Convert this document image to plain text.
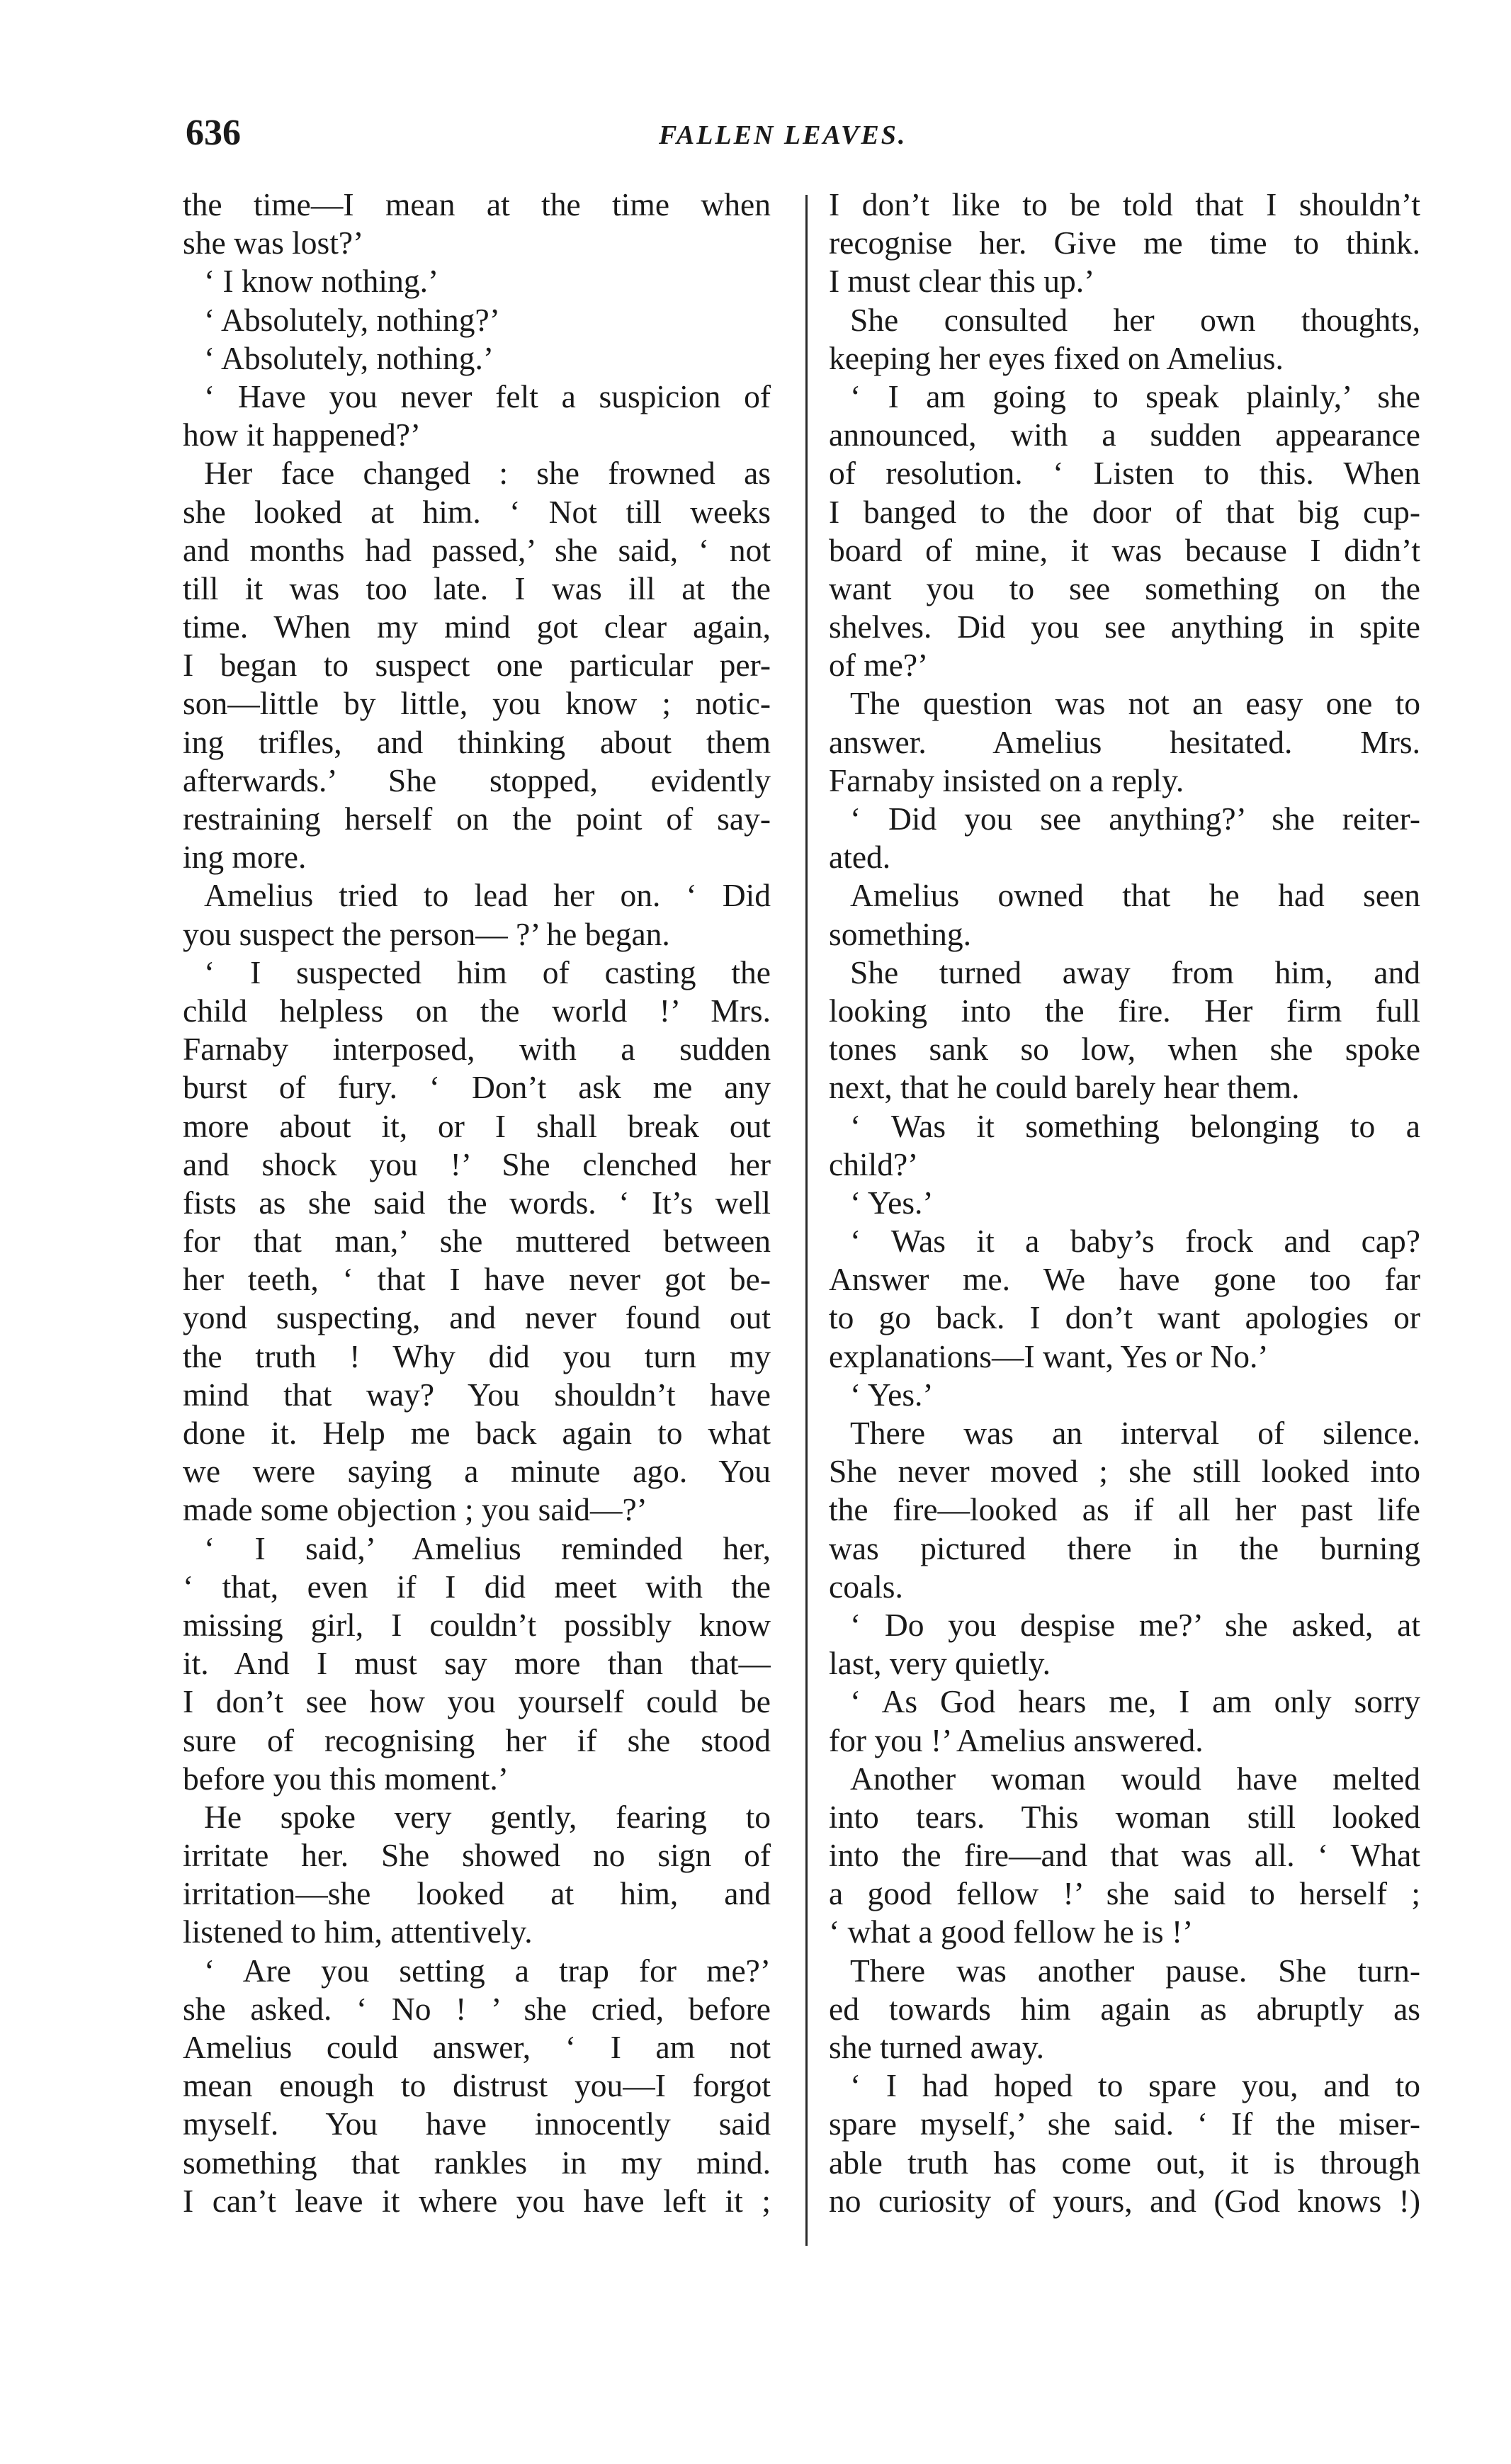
636	FALLEN LEAVES.
the time—I mean at the time when
she was lost?’
‘ I know nothing.’
‘ Absolutely, nothing?’
‘ Absolutely, nothing.’
‘ Have you never felt a suspicion of
how it happened?’
Her face changed : she frowned as
she looked at him. ‘ Not till weeks
and months had passed,’ she said, ‘ not
till it was too late. I was ill at the
time. When my mind got clear again,
I began to suspect one particular per-
son—little by little, you know ; notic-
ing trifles, and thinking about them
afterwards.’ She stopped, evidently
restraining herself on the point of say-
ing more.
Amelius tried to lead her on. ‘ Did
you suspect the person— ?’ he began.
‘ I suspected him of casting the
child helpless on the world !’ Mrs.
Farnaby interposed, with a sudden
burst of fury. ‘ Don’t ask me any
more about it, or I shall break out
and shock you !’ She clenched her
fists as she said the words. ‘ It’s well
for that man,’ she muttered between
her teeth, ‘ that I have never got be-
yond suspecting, and never found out
the truth ! Why did you turn my
mind that way? You shouldn’t have
done it. Help me back again to what
we were saying a minute ago. You
made some objection ; you said—?’
‘ I said,’ Amelius reminded her,
‘ that, even if I did meet with the
missing girl, I couldn’t possibly know
it. And I must say more than that—
I don’t see how you yourself could be
sure of recognising her if she stood
before you this moment.’
He spoke very gently, fearing to
irritate her. She showed no sign of
irritation—she looked at him, and
listened to him, attentively.
‘ Are you setting a trap for me?’
she asked. ‘ No ! ’ she cried, before
Amelius could answer, ‘ I am not
mean enough to distrust you—I forgot
myself. You have innocently said
something that rankles in my mind.
I can’t leave it where you have left it ;
I don’t like to be told that I shouldn’t
recognise her. Give me time to think.
I must clear this up.’
She consulted her own thoughts,
keeping her eyes fixed on Amelius.
‘ I am going to speak plainly,’ she
announced, with a sudden appearance
of resolution. ‘ Listen to this. When
I banged to the door of that big cup-
board of mine, it was because I didn’t
want you to see something on the
shelves. Did you see anything in spite
of me?’
The question was not an easy one to
answer. Amelius hesitated. Mrs.
Farnaby insisted on a reply.
‘ Did you see anything?’ she reiter-
ated.
Amelius owned that he had seen
something.
She turned away from him, and
looking into the fire. Her firm full
tones sank so low, when she spoke
next, that he could barely hear them.
‘ Was it something belonging to a
child?’
‘ Yes.’
‘ Was it a baby’s frock and cap?
Answer me. We have gone too far
to go back. I don’t want apologies or
explanations—I want, Yes or No.’
‘ Yes.’
There was an interval of silence.
She never moved ; she still looked into
the fire—looked as if all her past life
was pictured there in the burning
coals.
‘ Do you despise me?’ she asked, at
last, very quietly.
‘ As God hears me, I am only sorry
for you !’ Amelius answered.
Another woman would have melted
into tears. This woman still looked
into the fire—and that was all. ‘ What
a good fellow !’ she said to herself ;
‘ what a good fellow he is !’
There was another pause. She turn-
ed towards him again as abruptly as
she turned away.
‘ I had hoped to spare you, and to
spare myself,’ she said. ‘ If the miser-
able truth has come out, it is through
no curiosity of yours, and (God knows !)
